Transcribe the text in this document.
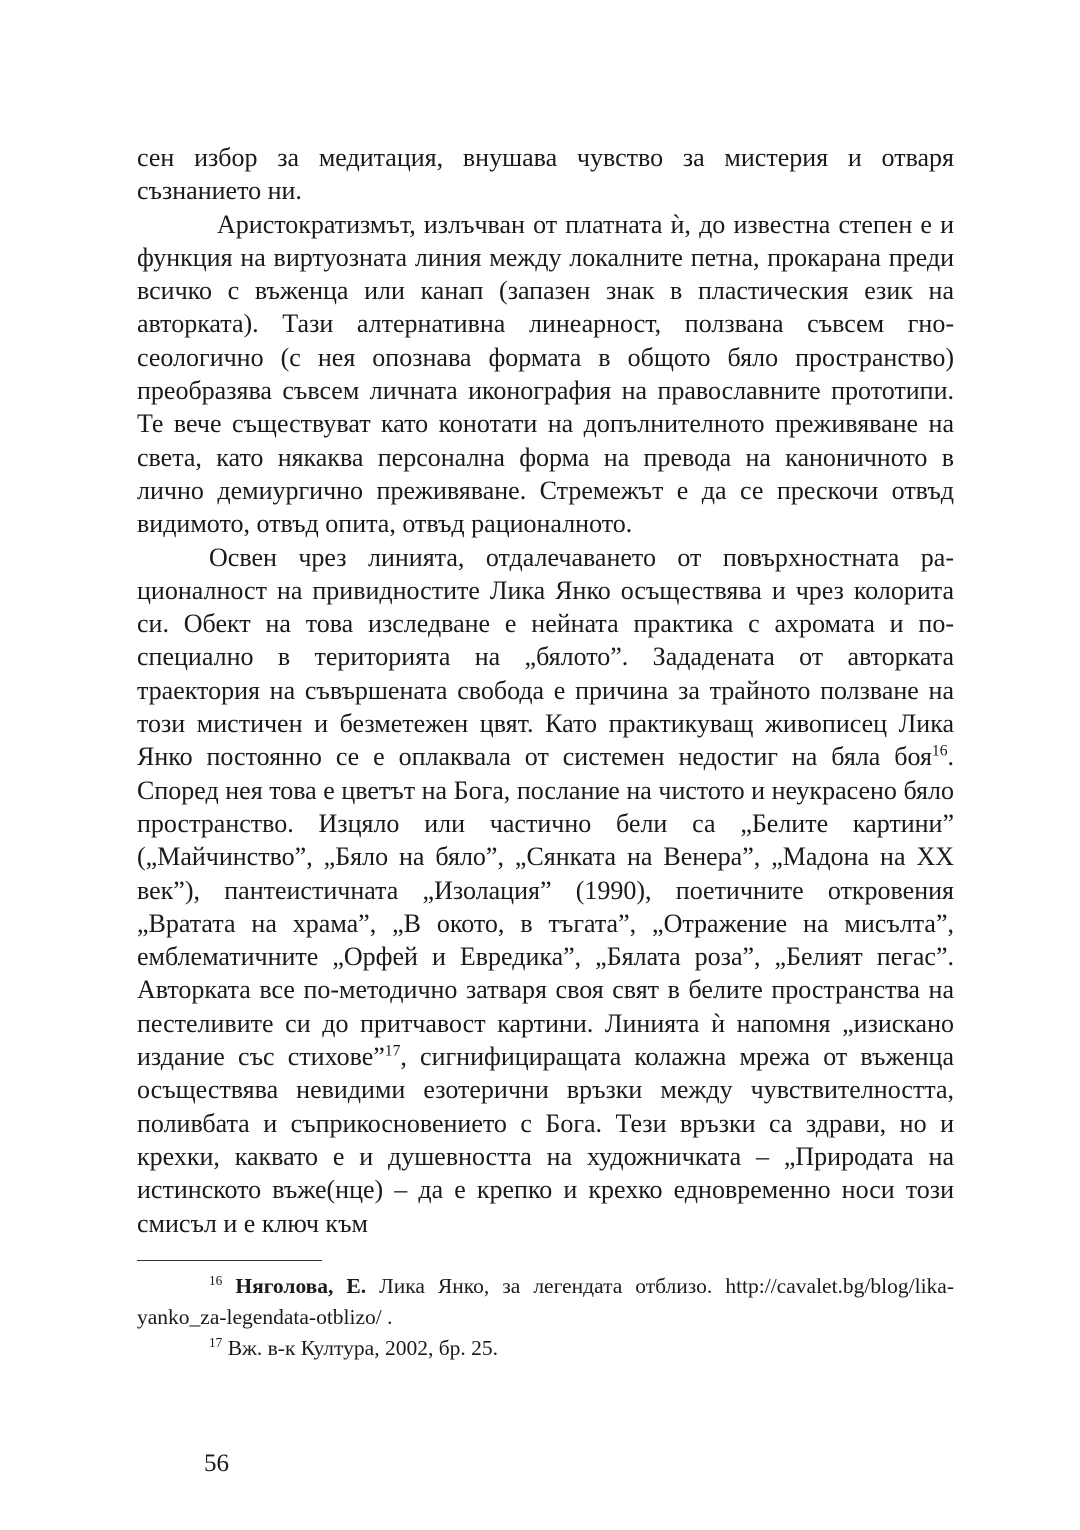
сен избор за медитация, внушава чувство за мистерия и отваря съзнанието ни.

Аристократизмът, излъчван от платната ѝ, до известна степен е и функция на виртуозната линия между локалните петна, прокарана преди всичко с въженца или канап (запазен знак в пластическия език на авторката). Тази алтернативна линеарност, ползвана съвсем гносеологично (с нея опознава формата в общото бяло пространство) преобразява съвсем личната иконография на православните прототипи. Те вече съществуват като конотати на допълнителното преживяване на света, като някаква персонална форма на превода на каноничното в лично демиургично преживяване. Стремежът е да се прескочи отвъд видимото, отвъд опита, отвъд рационалното.

Освен чрез линията, отдалечаването от повърхностната рационалност на привидностите Лика Янко осъществява и чрез колорита си. Обект на това изследване е нейната практика с ахромата и по-специално в територията на „бялото”. Зададената от авторката траектория на съвършената свобода е причина за трайното ползване на този мистичен и безметежен цвят. Като практикуващ живописец Лика Янко постоянно се е оплаквала от системен недостиг на бяла боя$^{16}$. Според нея това е цветът на Бога, послание на чистото и неукрасено бяло пространство. Изцяло или частично бели са „Белите картини” („Майчинство”, „Бяло на бяло”, „Сянката на Венера”, „Мадона на ХХ век”), пантеистичната „Изолация” (1990), поетичните откровения „Вратата на храма”, „В окото, в тъгата”, „Отражение на мисълта”, емблематичните „Орфей и Евредика”, „Бялата роза”, „Белият пегас”. Авторката все по-методично затваря своя свят в белите пространства на пестеливите си до притчавост картини. Линията ѝ напомня „изискано издание със стихове”$^{17}$, сигнифициращата колажна мрежа от въженца осъществява невидими езотерични връзки между чувствителността, поливбата и съприкосновението с Бога. Тези връзки са здрави, но и крехки, каквато е и душевността на художничката – „Природата на истинското въже(нце) – да е крепко и крехко едновременно носи този смисъл и е ключ към

$^{16}$ Няголова, Е. Лика Янко, за легендата отблизо. http://cavalet.bg/blog/lika-yanko_za-legendata-otblizo/ .

$^{17}$ Вж. в-к Култура, 2002, бр. 25.

56
